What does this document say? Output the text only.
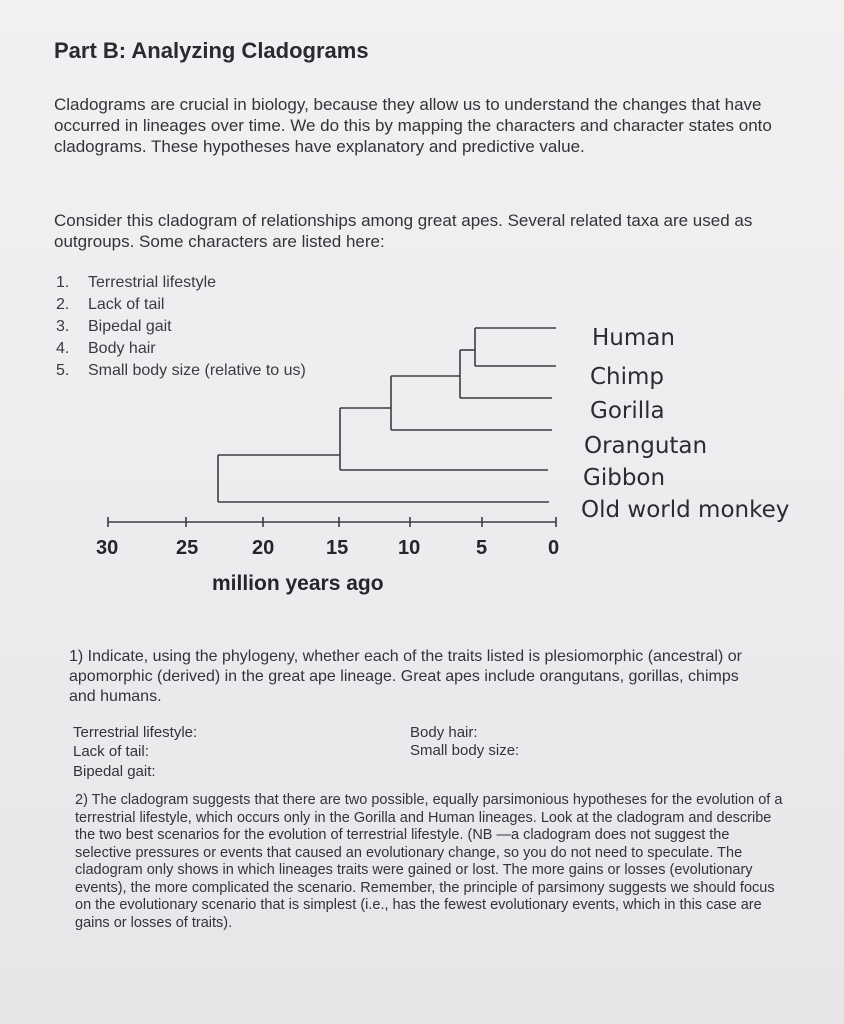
Part B: Analyzing Cladograms
Cladograms are crucial in biology, because they allow us to understand the changes that have occurred in lineages over time. We do this by mapping the characters and character states onto cladograms. These hypotheses have explanatory and predictive value.
Consider this cladogram of relationships among great apes. Several related taxa are used as outgroups. Some characters are listed here:
1. Terrestrial lifestyle
2. Lack of tail
3. Bipedal gait
4. Body hair
5. Small body size (relative to us)
Human
Chimp
Gorilla
Orangutan
Gibbon
Old world monkey
30	25	20	15 10	5	0
million years ago
1) Indicate, using the phylogeny, whether each of the traits listed is plesiomorphic (ancestral) or apomorphic (derived) in the great ape lineage. Great apes include orangutans, gorillas, chimps and humans.
Terrestrial lifestyle:
Lack of tail:
Bipedal gait:
Body hair:
Small body size:
2) The cladogram suggests that there are two possible, equally parsimonious hypotheses for the evolution of a terrestrial lifestyle, which occurs only in the Gorilla and Human lineages. Look at the cladogram and describe the two best scenarios for the evolution of terrestrial lifestyle. (NB —a cladogram does not suggest the selective pressures or events that caused an evolutionary change, so you do not need to speculate. The cladogram only shows in which lineages traits were gained or lost. The more gains or losses (evolutionary events), the more complicated the scenario. Remember, the principle of parsimony suggests we should focus on the evolutionary scenario that is simplest (i.e., has the fewest evolutionary events, which in this case are gains or losses of traits).
